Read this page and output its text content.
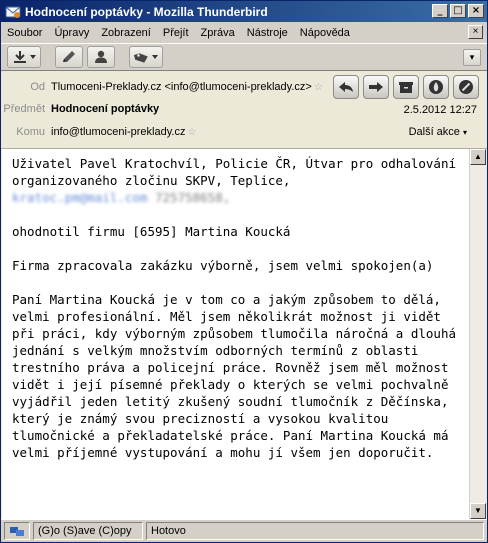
Hodnocení poptávky - Mozilla Thunderbird	_	□ ×
Soubor	Úpravy	Zobrazení	Přejít	Zpráva	Nástroje	Nápověda	×
▾
Od Tlumoceni-Preklady.cz <info@tlumoceni-preklady.cz> ☆
Předmět Hodnocení poptávky	2.5.2012 12:27
Komu info@tlumoceni-preklady.cz ☆	Další akce ▾

Uživatel Pavel Kratochvíl, Policie ČR, Útvar pro odhalování organizovaného zločinu SKPV, Teplice,
kratoc.pm@mail.com 725758658,

ohodnotil firmu [6595] Martina Koucká

Firma zpracovala zakázku výborně, jsem velmi spokojen(a)

Paní Martina Koucká je v tom co a jakým způsobem to dělá, velmi profesionální. Měl jsem několikrát možnost ji vidět při práci, kdy výborným způsobem tlumočila náročná a dlouhá jednání s velkým množstvím odborných termínů z oblasti trestního práva a policejní práce. Rovněž jsem měl možnost vidět i její písemné překlady o kterých se velmi pochvalně vyjádřil jeden letitý zkušený soudní tlumočník z Děčínska, který je známý svou precizností a vysokou kvalitou tlumočnické a překladatelské práce. Paní Martina Koucká má velmi příjemné vystupování a mohu jí všem jen doporučit.

▲
▼
(G)o (S)ave (C)opy	Hotovo
